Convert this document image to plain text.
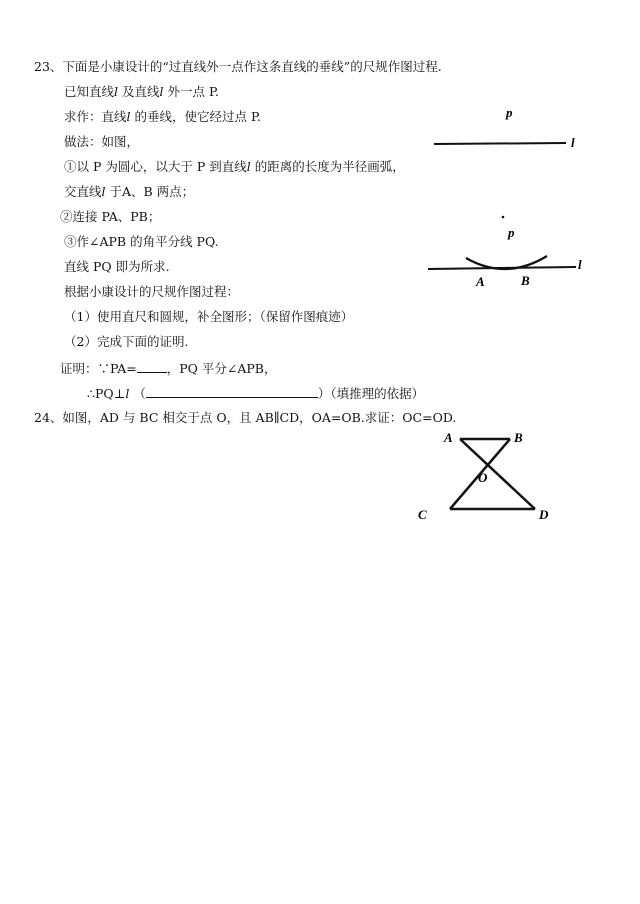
23、下面是小康设计的“过直线外一点作这条直线的垂线”的尺规作图过程.
已知直线l 及直线l 外一点 P.
求作：直线l 的垂线，使它经过点 P.
做法：如图，
①以 P 为圆心，以大于 P 到直线l 的距离的长度为半径画弧，
交直线l 于A、B 两点；
②连接 PA、PB；
③作∠APB 的角平分线 PQ.
直线 PQ 即为所求.
根据小康设计的尺规作图过程：
（1）使用直尺和圆规，补全图形；（保留作图痕迹）
（2）完成下面的证明.
证明：∵PA= ，PQ 平分∠APB，
∴PQ⊥l （	）（填推理的依据）
p
l
p
l
A	B
24、如图，AD 与 BC 相交于点 O，且 AB∥CD，OA=OB.求证：OC=OD.
A	B
O
C	D
